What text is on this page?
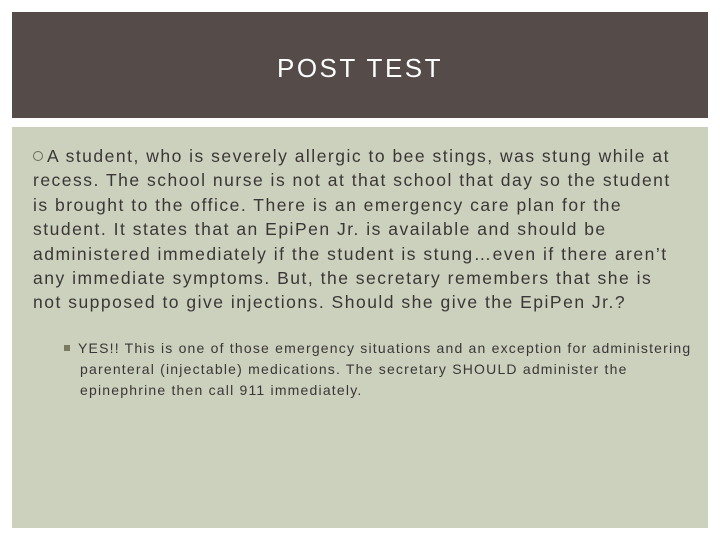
POST TEST
A student, who is severely allergic to bee stings, was stung while at recess. The school nurse is not at that school that day so the student is brought to the office. There is an emergency care plan for the student. It states that an EpiPen Jr. is available and should be administered immediately if the student is stung…even if there aren’t any immediate symptoms. But, the secretary remembers that she is not supposed to give injections. Should she give the EpiPen Jr.?
YES!! This is one of those emergency situations and an exception for administering parenteral (injectable) medications. The secretary SHOULD administer the epinephrine then call 911 immediately.
